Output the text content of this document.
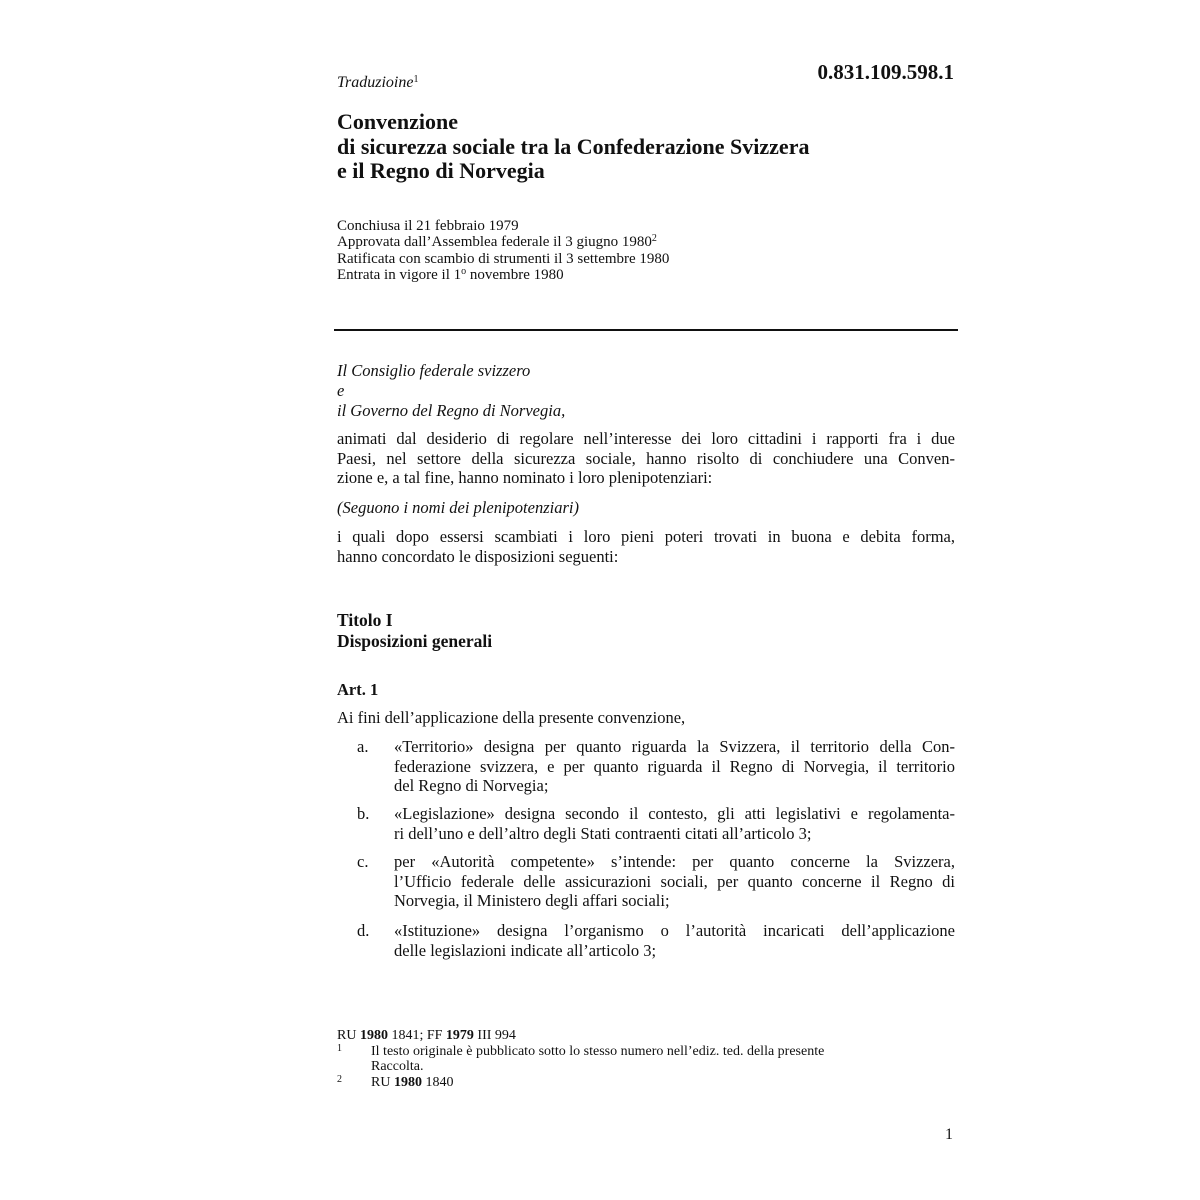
Traduzioine$^1$	0.831.109.598.1
Convenzione
di sicurezza sociale tra la Confederazione Svizzera
e il Regno di Norvegia
Conchiusa il 21 febbraio 1979
Approvata dall’Assemblea federale il 3 giugno 1980$^2$
Ratificata con scambio di strumenti il 3 settembre 1980
Entrata in vigore il 1$^o$ novembre 1980
Il Consiglio federale svizzero
e
il Governo del Regno di Norvegia,
animati dal desiderio di regolare nell’interesse dei loro cittadini i rapporti fra i due
Paesi, nel settore della sicurezza sociale, hanno risolto di conchiudere una Conven-
zione e, a tal fine, hanno nominato i loro plenipotenziari:
(Seguono i nomi dei plenipotenziari)
i quali dopo essersi scambiati i loro pieni poteri trovati in buona e debita forma,
hanno concordato le disposizioni seguenti:
Titolo I
Disposizioni generali
Art. 1
Ai fini dell’applicazione della presente convenzione,
a. «Territorio» designa per quanto riguarda la Svizzera, il territorio della Con-
federazione svizzera, e per quanto riguarda il Regno di Norvegia, il territorio
del Regno di Norvegia;
b. «Legislazione» designa secondo il contesto, gli atti legislativi e regolamenta-
ri dell’uno e dell’altro degli Stati contraenti citati all’articolo 3;
c. per «Autorità competente» s’intende: per quanto concerne la Svizzera,
l’Ufficio federale delle assicurazioni sociali, per quanto concerne il Regno di
Norvegia, il Ministero degli affari sociali;
d. «Istituzione» designa l’organismo o l’autorità incaricati dell’applicazione
delle legislazioni indicate all’articolo 3;
RU 1980 1841; FF 1979 III 994
1 Il testo originale è pubblicato sotto lo stesso numero nell’ediz. ted. della presente
Raccolta.
2 RU 1980 1840
1
